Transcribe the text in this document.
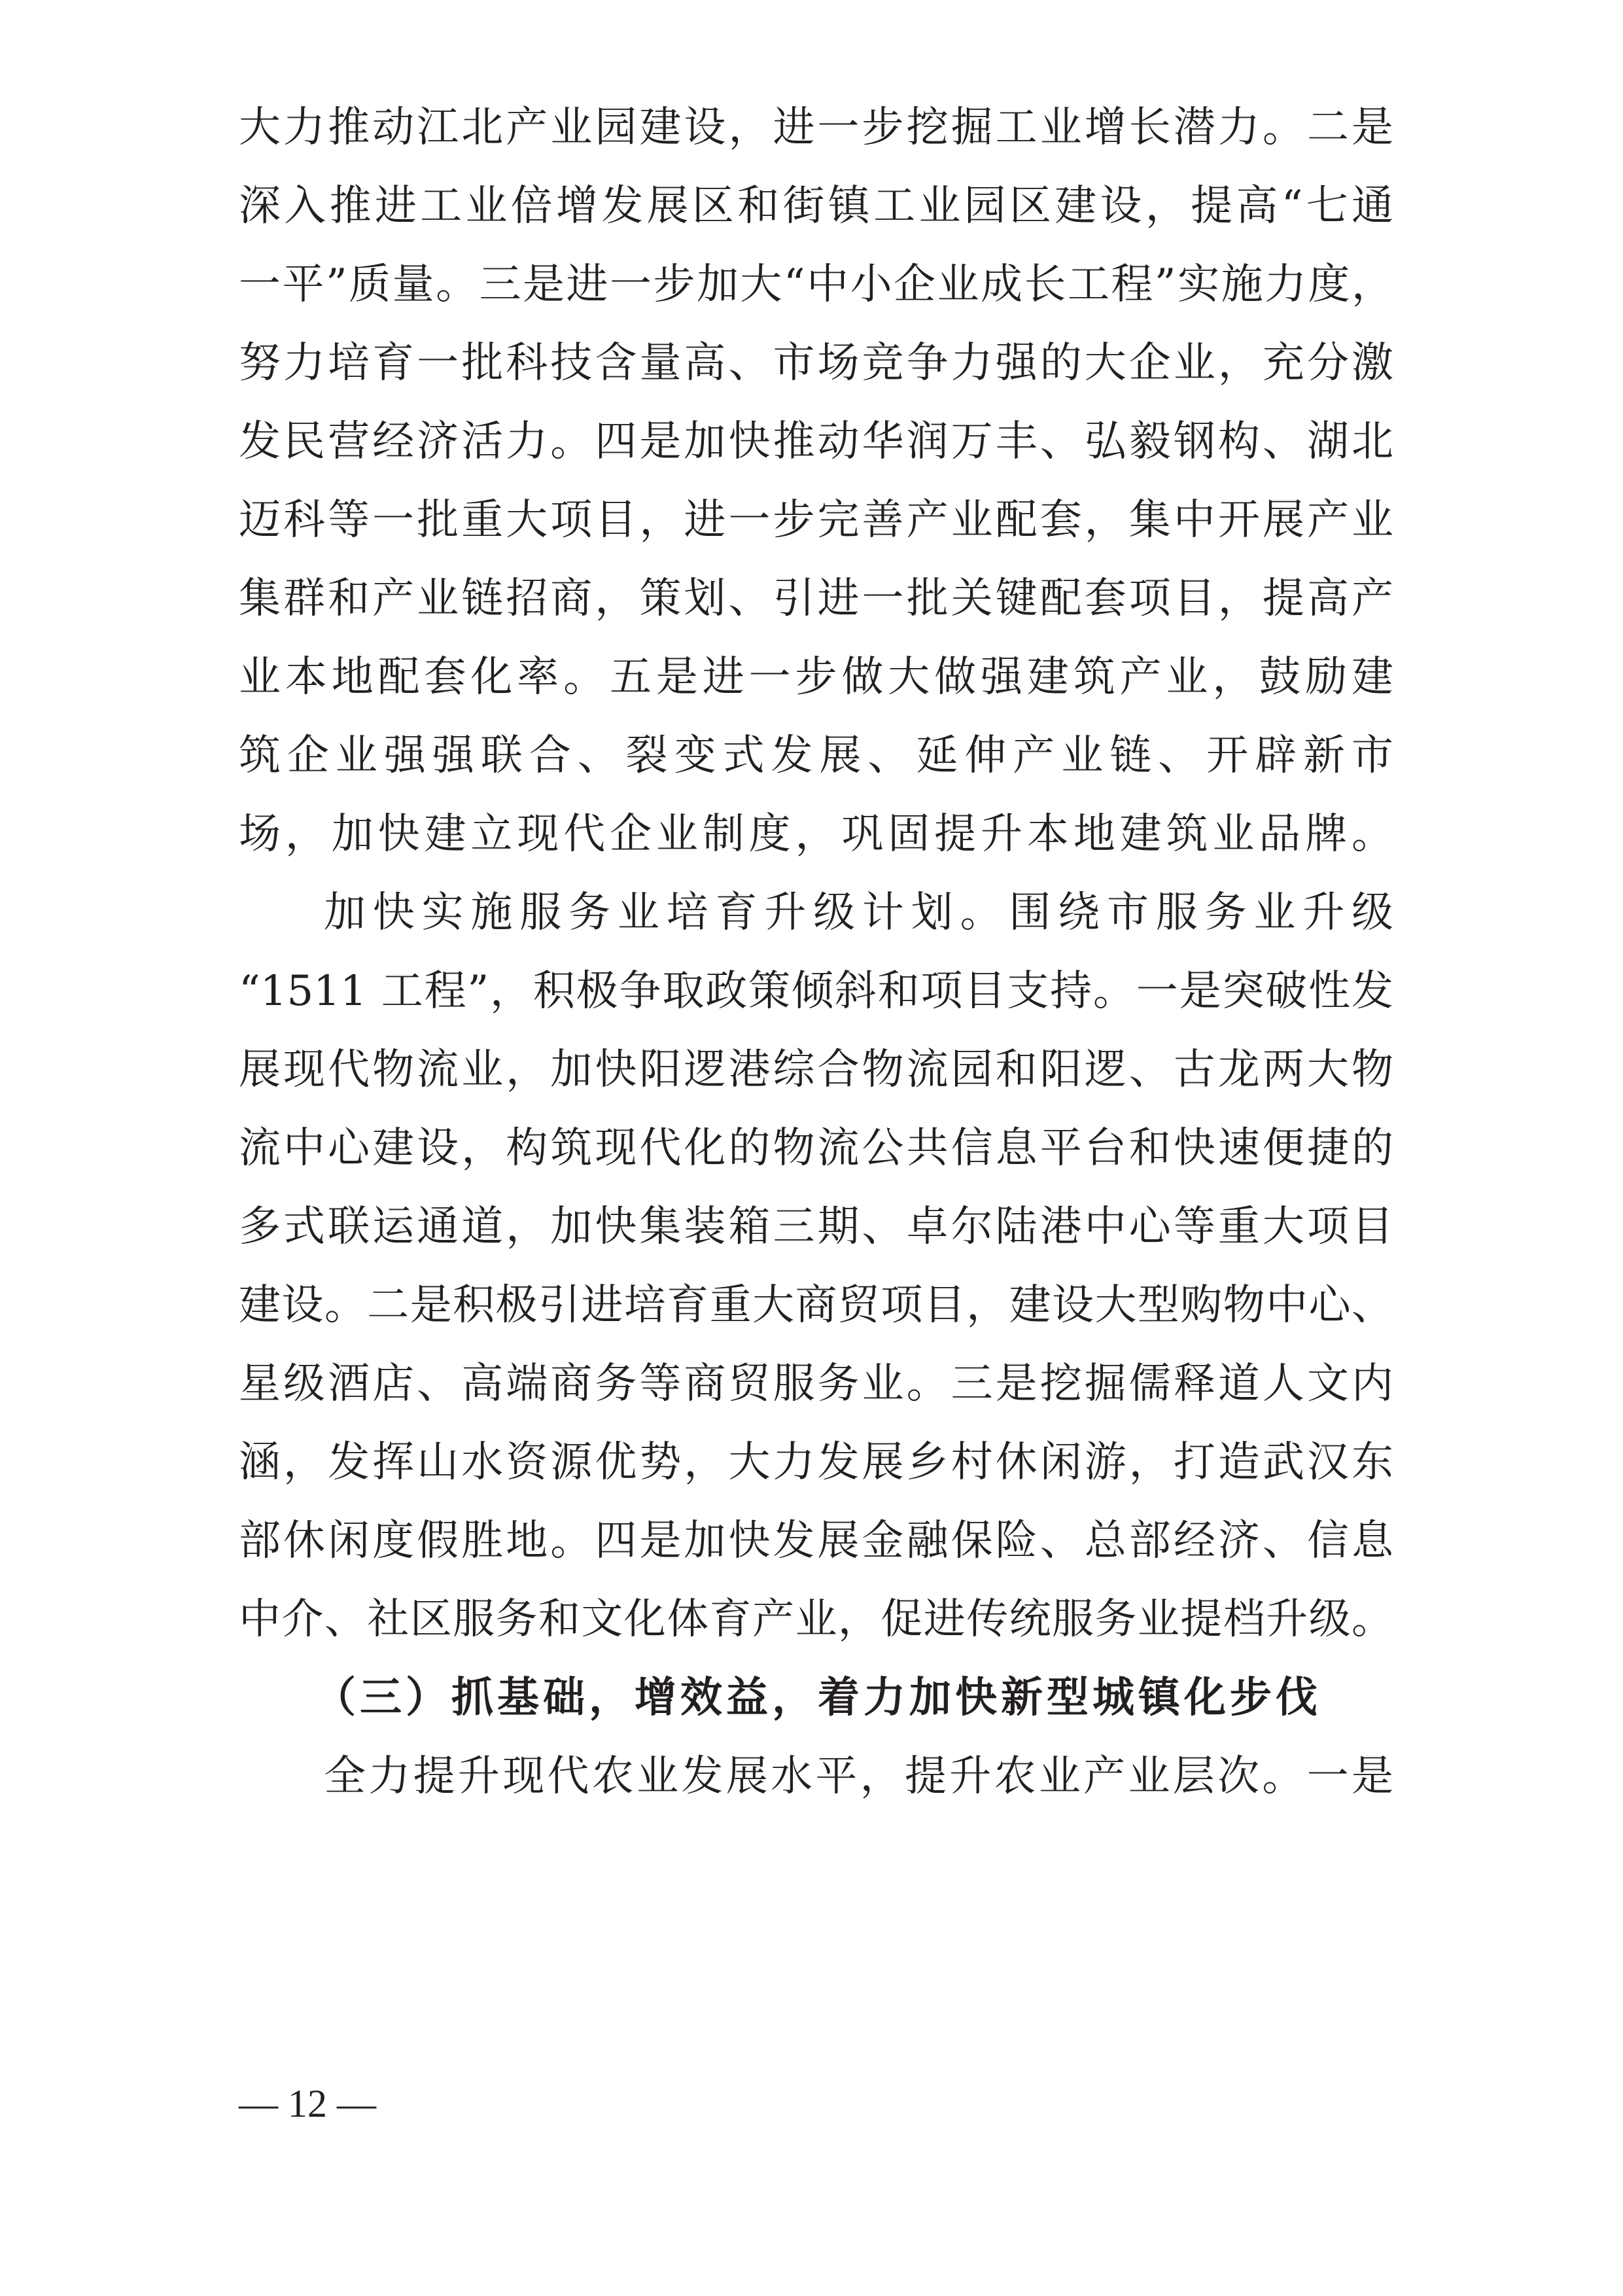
大力推动江北产业园建设，进一步挖掘工业增长潜力。二是
深入推进工业倍增发展区和街镇工业园区建设，提高“七通
一平”质量。三是进一步加大“中小企业成长工程”实施力度，
努力培育一批科技含量高、市场竞争力强的大企业，充分激
发民营经济活力。四是加快推动华润万丰、弘毅钢构、湖北
迈科等一批重大项目，进一步完善产业配套，集中开展产业
集群和产业链招商，策划、引进一批关键配套项目，提高产
业本地配套化率。五是进一步做大做强建筑产业，鼓励建
筑企业强强联合、裂变式发展、延伸产业链、开辟新市
场，加快建立现代企业制度，巩固提升本地建筑业品牌。
加快实施服务业培育升级计划。围绕市服务业升级
“1511 工程”，积极争取政策倾斜和项目支持。一是突破性发
展现代物流业，加快阳逻港综合物流园和阳逻、古龙两大物
流中心建设，构筑现代化的物流公共信息平台和快速便捷的
多式联运通道，加快集装箱三期、卓尔陆港中心等重大项目
建设。二是积极引进培育重大商贸项目，建设大型购物中心、
星级酒店、高端商务等商贸服务业。三是挖掘儒释道人文内
涵，发挥山水资源优势，大力发展乡村休闲游，打造武汉东
部休闲度假胜地。四是加快发展金融保险、总部经济、信息
中介、社区服务和文化体育产业，促进传统服务业提档升级。
（三）抓基础，增效益，着力加快新型城镇化步伐
全力提升现代农业发展水平，提升农业产业层次。一是
— 12 —
